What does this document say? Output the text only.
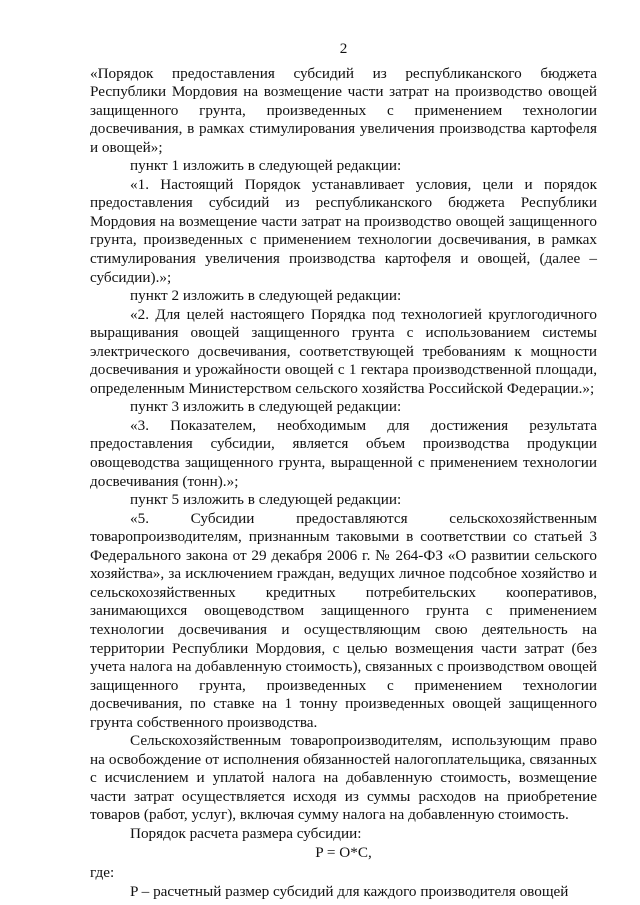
2

«Порядок предоставления субсидий из республиканского бюджета Республики Мордовия на возмещение части затрат на производство овощей защищенного грунта, произведенных с применением технологии досвечивания, в рамках стимулирования увеличения производства картофеля и овощей»;

пункт 1 изложить в следующей редакции:

«1. Настоящий Порядок устанавливает условия, цели и порядок предоставления субсидий из республиканского бюджета Республики Мордовия на возмещение части затрат на производство овощей защищенного грунта, произведенных с применением технологии досвечивания, в рамках стимулирования увеличения производства картофеля и овощей, (далее – субсидии).»;

пункт 2 изложить в следующей редакции:

«2. Для целей настоящего Порядка под технологией круглогодичного выращивания овощей защищенного грунта с использованием системы электрического досвечивания, соответствующей требованиям к мощности досвечивания и урожайности овощей с 1 гектара производственной площади, определенным Министерством сельского хозяйства Российской Федерации.»;

пункт 3 изложить в следующей редакции:

«3. Показателем, необходимым для достижения результата предоставления субсидии, является объем производства продукции овощеводства защищенного грунта, выращенной с применением технологии досвечивания (тонн).»;

пункт 5 изложить в следующей редакции:

«5. Субсидии предоставляются сельскохозяйственным товаропроизводителям, признанным таковыми в соответствии со статьей 3 Федерального закона от 29 декабря 2006 г. № 264-ФЗ «О развитии сельского хозяйства», за исключением граждан, ведущих личное подсобное хозяйство и сельскохозяйственных кредитных потребительских кооперативов, занимающихся овощеводством защищенного грунта с применением технологии досвечивания и осуществляющим свою деятельность на территории Республики Мордовия, с целью возмещения части затрат (без учета налога на добавленную стоимость), связанных с производством овощей защищенного грунта, произведенных с применением технологии досвечивания, по ставке на 1 тонну произведенных овощей защищенного грунта собственного производства.

Сельскохозяйственным товаропроизводителям, использующим право на освобождение от исполнения обязанностей налогоплательщика, связанных с исчислением и уплатой налога на добавленную стоимость, возмещение части затрат осуществляется исходя из суммы расходов на приобретение товаров (работ, услуг), включая сумму налога на добавленную стоимость.

Порядок расчета размера субсидии:

P = O*C,

где:

P – расчетный размер субсидий для каждого производителя овощей
